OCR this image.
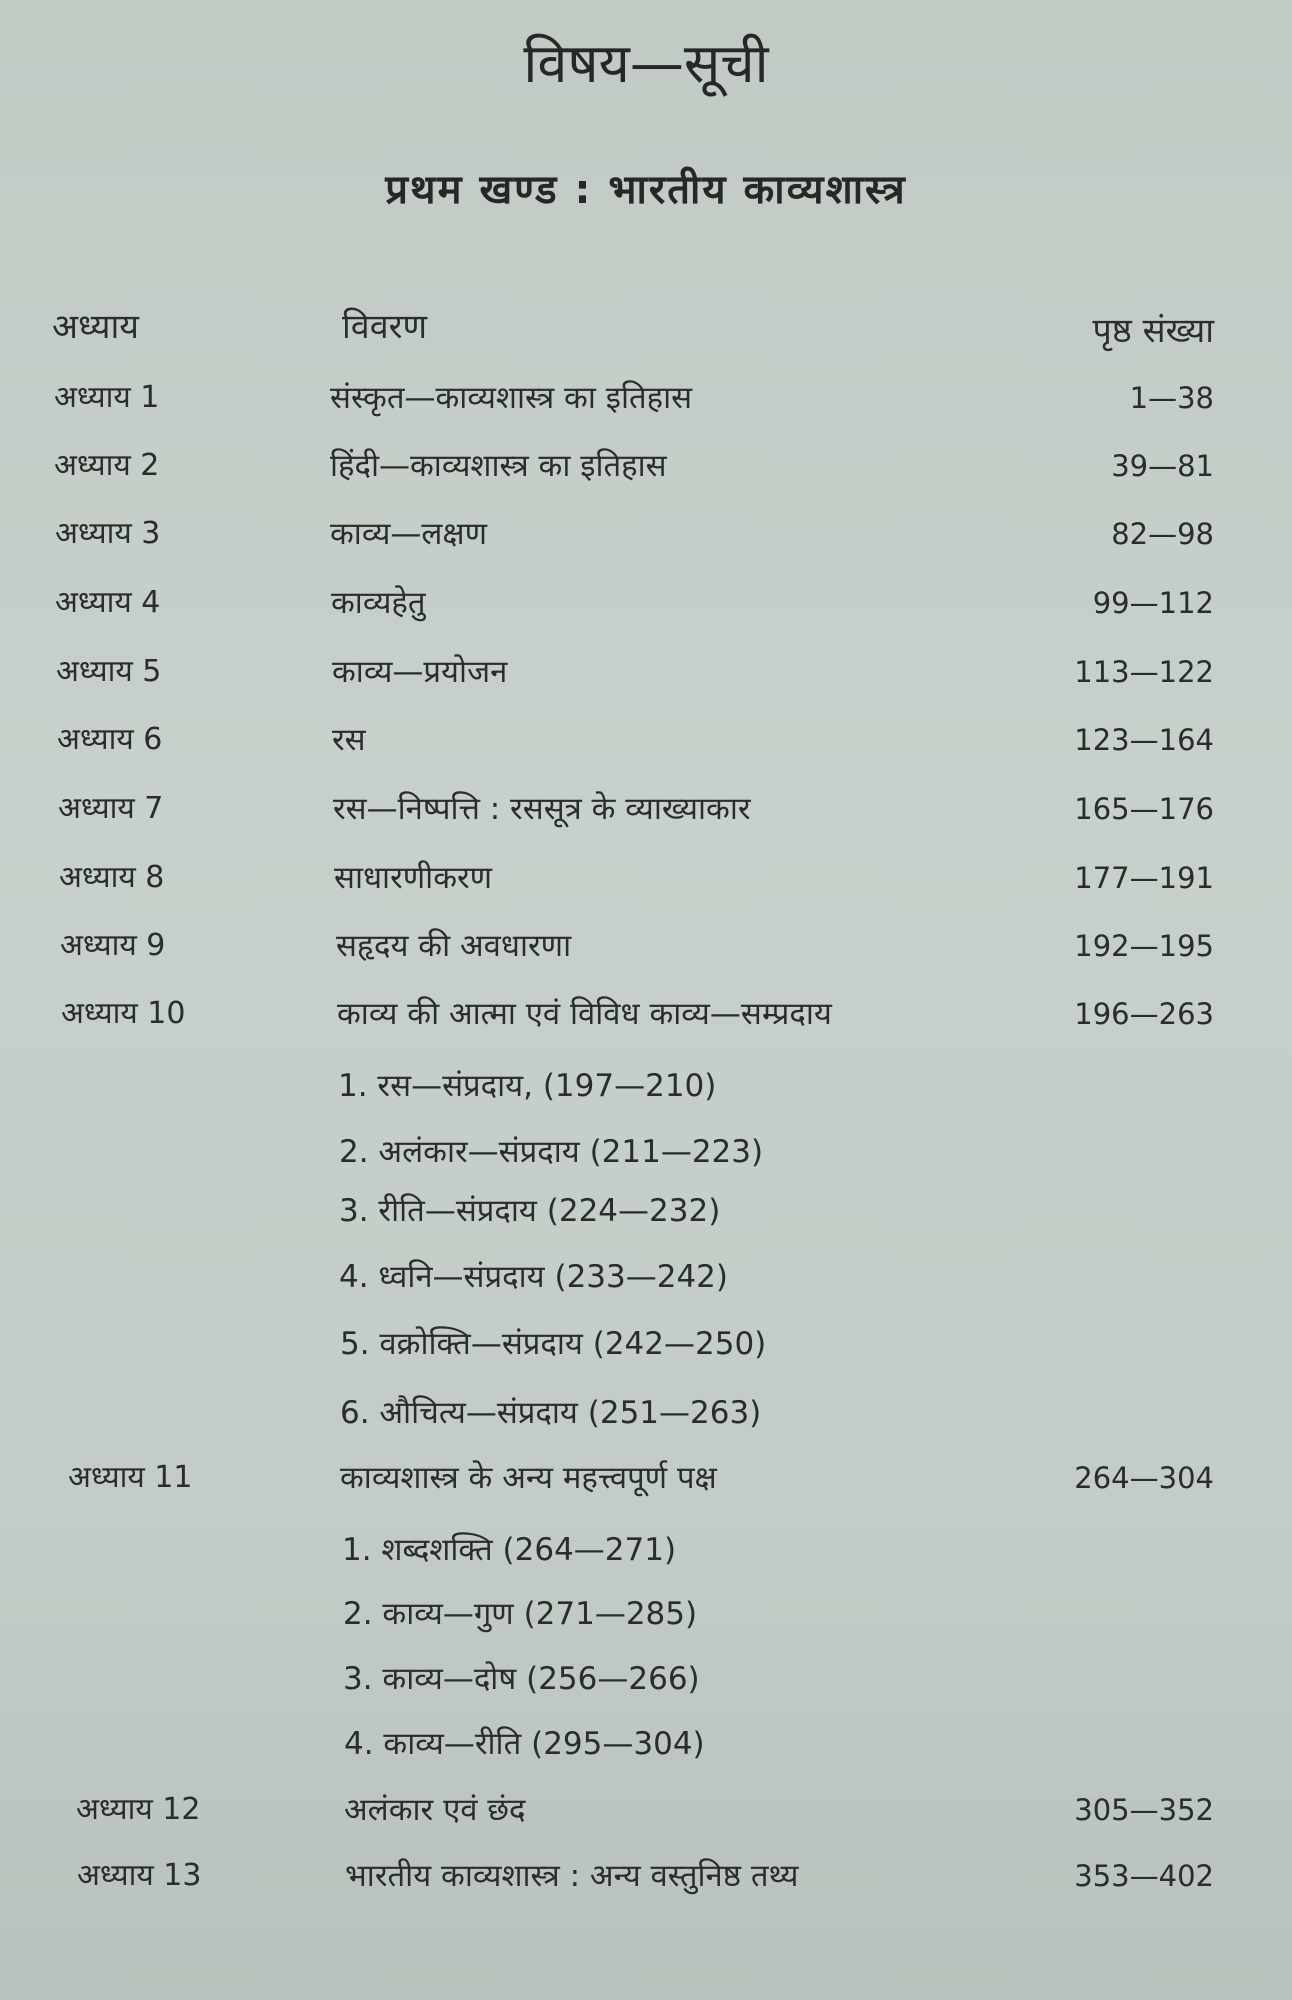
विषय—सूची
प्रथम खण्ड : भारतीय काव्यशास्त्र
अध्याय	विवरण	पृष्ठ संख्या
अध्याय 1	संस्कृत—काव्यशास्त्र का इतिहास	1—38
अध्याय 2	हिंदी—काव्यशास्त्र का इतिहास	39—81
अध्याय 3	काव्य—लक्षण	82—98
अध्याय 4	काव्यहेतु	99—112
अध्याय 5	काव्य—प्रयोजन	113—122
अध्याय 6	रस	123—164
अध्याय 7	रस—निष्पत्ति : रससूत्र के व्याख्याकार	165—176
अध्याय 8	साधारणीकरण	177—191
अध्याय 9	सहृदय की अवधारणा	192—195
अध्याय 10	काव्य की आत्मा एवं विविध काव्य—सम्प्रदाय	196—263
1. रस—संप्रदाय, (197—210)
2. अलंकार—संप्रदाय (211—223)
3. रीति—संप्रदाय (224—232)
4. ध्वनि—संप्रदाय (233—242)
5. वक्रोक्ति—संप्रदाय (242—250)
6. औचित्य—संप्रदाय (251—263)
अध्याय 11	काव्यशास्त्र के अन्य महत्त्वपूर्ण पक्ष	264—304
1. शब्दशक्ति (264—271)
2. काव्य—गुण (271—285)
3. काव्य—दोष (256—266)
4. काव्य—रीति (295—304)
अध्याय 12	अलंकार एवं छंद	305—352
अध्याय 13	भारतीय काव्यशास्त्र : अन्य वस्तुनिष्ठ तथ्य	353—402
